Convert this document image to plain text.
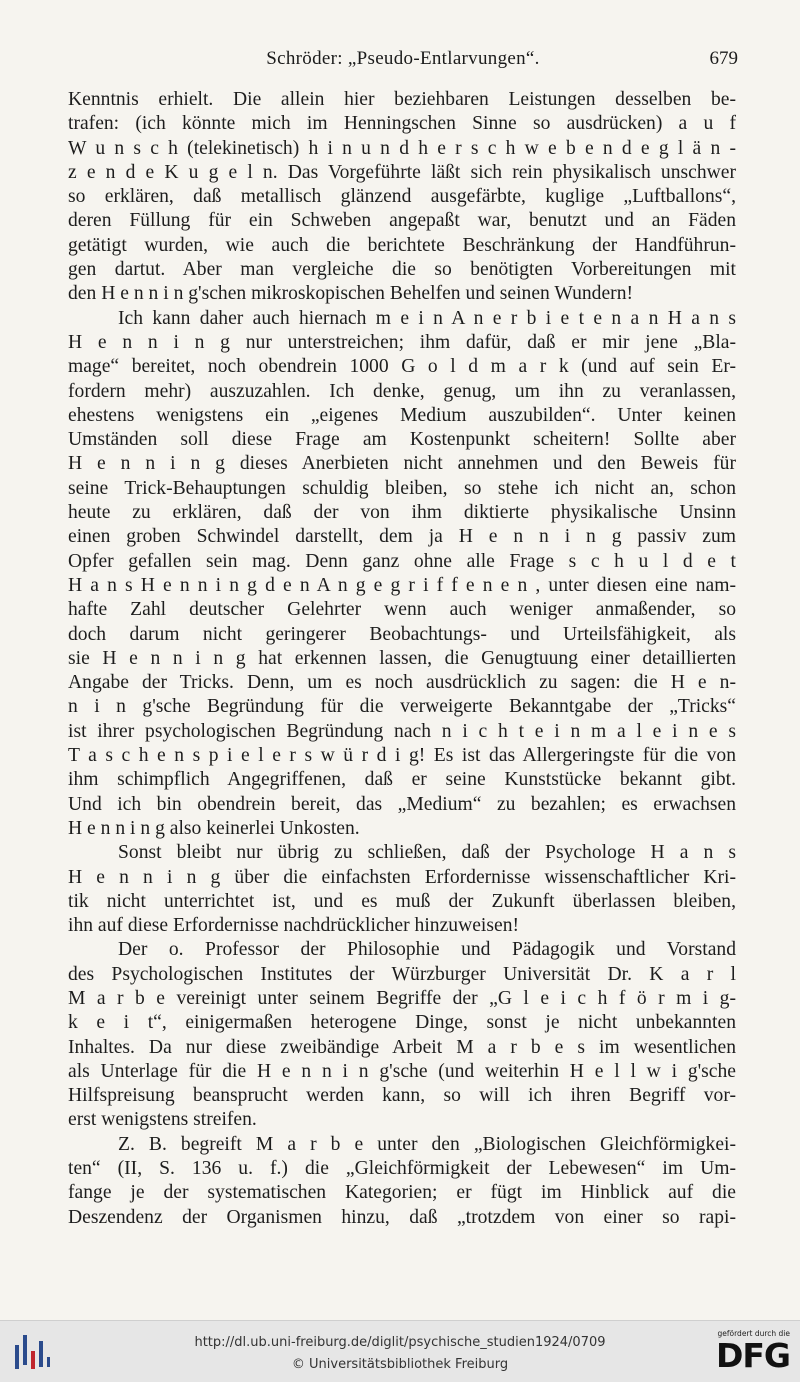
Schröder: „Pseudo-Entlarvungen“.	679
Kenntnis erhielt. Die allein hier beziehbaren Leistungen desselben be-
trafen: (ich könnte mich im Henningschen Sinne so ausdrücken) a u f
W u n s c h (telekinetisch) h i n u n d h e r s c h w e b e n d e g l ä n -
z e n d e K u g e l n. Das Vorgeführte läßt sich rein physikalisch unschwer
so erklären, daß metallisch glänzend ausgefärbte, kuglige „Luftballons“,
deren Füllung für ein Schweben angepaßt war, benutzt und an Fäden
getätigt wurden, wie auch die berichtete Beschränkung der Handführun-
gen dartut. Aber man vergleiche die so benötigten Vorbereitungen mit
den H e n n i n g'schen mikroskopischen Behelfen und seinen Wundern!
Ich kann daher auch hiernach m e i n A n e r b i e t e n a n H a n s
H e n n i n g nur unterstreichen; ihm dafür, daß er mir jene „Bla-
mage“ bereitet, noch obendrein 1000 G o l d m a r k (und auf sein Er-
fordern mehr) auszuzahlen. Ich denke, genug, um ihn zu veranlassen,
ehestens wenigstens ein „eigenes Medium auszubilden“. Unter keinen
Umständen soll diese Frage am Kostenpunkt scheitern! Sollte aber
H e n n i n g dieses Anerbieten nicht annehmen und den Beweis für
seine Trick-Behauptungen schuldig bleiben, so stehe ich nicht an, schon
heute zu erklären, daß der von ihm diktierte physikalische Unsinn
einen groben Schwindel darstellt, dem ja H e n n i n g passiv zum
Opfer gefallen sein mag. Denn ganz ohne alle Frage s c h u l d e t
H a n s H e n n i n g d e n A n g e g r i f f e n e n , unter diesen eine nam-
hafte Zahl deutscher Gelehrter wenn auch weniger anmaßender, so
doch darum nicht geringerer Beobachtungs- und Urteilsfähigkeit, als
sie H e n n i n g hat erkennen lassen, die Genugtuung einer detaillierten
Angabe der Tricks. Denn, um es noch ausdrücklich zu sagen: die H e n-
n i n g'sche Begründung für die verweigerte Bekanntgabe der „Tricks“
ist ihrer psychologischen Begründung nach n i c h t e i n m a l e i n e s
T a s c h e n s p i e l e r s w ü r d i g! Es ist das Allergeringste für die von
ihm schimpflich Angegriffenen, daß er seine Kunststücke bekannt gibt.
Und ich bin obendrein bereit, das „Medium“ zu bezahlen; es erwachsen
H e n n i n g also keinerlei Unkosten.
Sonst bleibt nur übrig zu schließen, daß der Psychologe H a n s
H e n n i n g über die einfachsten Erfordernisse wissenschaftlicher Kri-
tik nicht unterrichtet ist, und es muß der Zukunft überlassen bleiben,
ihn auf diese Erfordernisse nachdrücklicher hinzuweisen!
Der o. Professor der Philosophie und Pädagogik und Vorstand
des Psychologischen Institutes der Würzburger Universität Dr. K a r l
M a r b e vereinigt unter seinem Begriffe der „G l e i c h f ö r m i g-
k e i t“, einigermaßen heterogene Dinge, sonst je nicht unbekannten
Inhaltes. Da nur diese zweibändige Arbeit M a r b e s im wesentlichen
als Unterlage für die H e n n i n g'sche (und weiterhin H e l l w i g'sche
Hilfspreisung beansprucht werden kann, so will ich ihren Begriff vor-
erst wenigstens streifen.
Z. B. begreift M a r b e unter den „Biologischen Gleichförmigkei-
ten“ (II, S. 136 u. f.) die „Gleichförmigkeit der Lebewesen“ im Um-
fange je der systematischen Kategorien; er fügt im Hinblick auf die
Deszendenz der Organismen hinzu, daß „trotzdem von einer so rapi-
http://dl.ub.uni-freiburg.de/diglit/psychische_studien1924/0709
© Universitätsbibliothek Freiburg
gefördert durch die
DFG
